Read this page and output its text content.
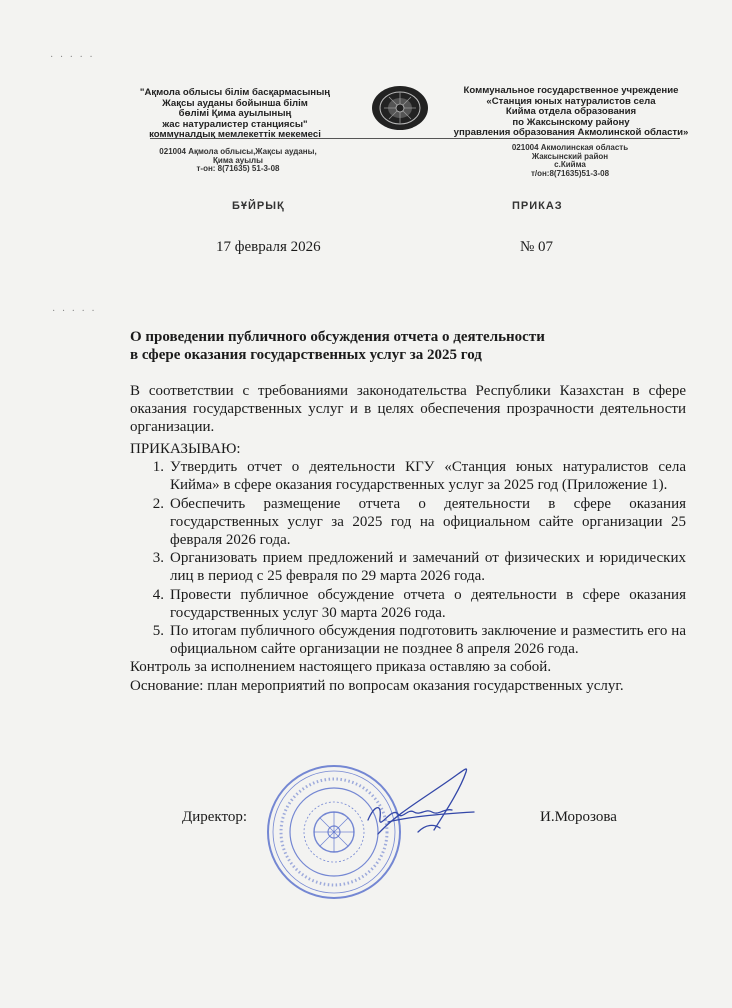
· · · · ·
· · · · ·
"Ақмола облысы білім басқармасының
Жақсы ауданы бойынша білім
бөлімі Қима ауылының
жас натуралистер станциясы"
коммуналдық мемлекеттік мекемесі
Коммунальное государственное учреждение
«Станция юных натуралистов села
Кийма отдела образования
по Жаксынскому району
управления образования Акмолинской области»
021004 Ақмола облысы,Жақсы ауданы,
Қима ауылы
т-он: 8(71635) 51-3-08
021004 Акмолинская область
Жаксынский район
с.Кийма
т/он:8(71635)51-3-08
БҰЙРЫҚ	ПРИКАЗ
17 февраля 2026	№ 07
О проведении публичного обсуждения отчета о деятельности
в сфере оказания государственных услуг за 2025 год
В соответствии с требованиями законодательства Республики Казахстан в сфере оказания государственных услуг и в целях обеспечения прозрачности деятельности организации.
ПРИКАЗЫВАЮ:
1. Утвердить отчет о деятельности КГУ «Станция юных натуралистов села Кийма» в сфере оказания государственных услуг за 2025 год (Приложение 1).
2. Обеспечить размещение отчета о деятельности в сфере оказания государственных услуг за 2025 год на официальном сайте организации 25 февраля 2026 года.
3. Организовать прием предложений и замечаний от физических и юридических лиц в период с 25 февраля по 29 марта 2026 года.
4. Провести публичное обсуждение отчета о деятельности в сфере оказания государственных услуг 30 марта 2026 года.
5. По итогам публичного обсуждения подготовить заключение и разместить его на официальном сайте организации не позднее 8 апреля 2026 года.
Контроль за исполнением настоящего приказа оставляю за собой.
Основание: план мероприятий по вопросам оказания государственных услуг.
Директор:	И.Морозова
